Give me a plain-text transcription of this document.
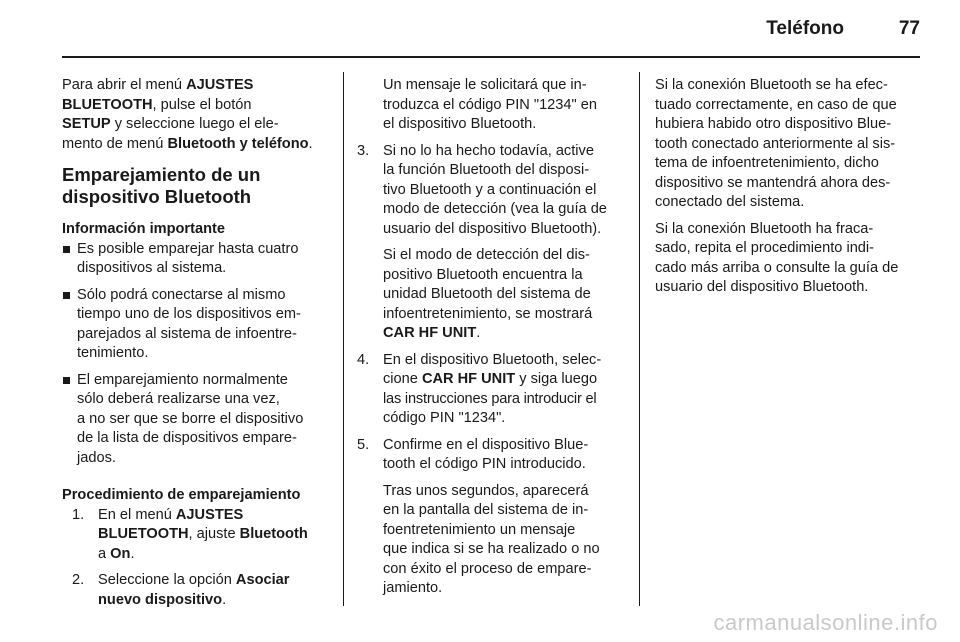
Teléfono	77

Para abrir el menú AJUSTES
BLUETOOTH, pulse el botón
SETUP y seleccione luego el ele-
mento de menú Bluetooth y teléfono.

Emparejamiento de un
dispositivo Bluetooth
Información importante
Es posible emparejar hasta cuatro
dispositivos al sistema.
Sólo podrá conectarse al mismo
tiempo uno de los dispositivos em-
parejados al sistema de infoentre-
tenimiento.
El emparejamiento normalmente
sólo deberá realizarse una vez,
a no ser que se borre el dispositivo
de la lista de dispositivos empare-
jados.
Procedimiento de emparejamiento
1. En el menú AJUSTES
BLUETOOTH, ajuste Bluetooth
a On.
2. Seleccione la opción Asociar
nuevo dispositivo.

Un mensaje le solicitará que in-
troduzca el código PIN "1234" en
el dispositivo Bluetooth.

3. Si no lo ha hecho todavía, active
la función Bluetooth del disposi-
tivo Bluetooth y a continuación el
modo de detección (vea la guía de
usuario del dispositivo Bluetooth).

Si el modo de detección del dis-
positivo Bluetooth encuentra la
unidad Bluetooth del sistema de
infoentretenimiento, se mostrará
CAR HF UNIT.

4. En el dispositivo Bluetooth, selec-
cione CAR HF UNIT y siga luego
las instrucciones para introducir el
código PIN "1234".
5. Confirme en el dispositivo Blue-
tooth el código PIN introducido.

Tras unos segundos, aparecerá
en la pantalla del sistema de in-
foentretenimiento un mensaje
que indica si se ha realizado o no
con éxito el proceso de empare-
jamiento.

Si la conexión Bluetooth se ha efec-
tuado correctamente, en caso de que
hubiera habido otro dispositivo Blue-
tooth conectado anteriormente al sis-
tema de infoentretenimiento, dicho
dispositivo se mantendrá ahora des-
conectado del sistema.

Si la conexión Bluetooth ha fraca-
sado, repita el procedimiento indi-
cado más arriba o consulte la guía de
usuario del dispositivo Bluetooth.

carmanualsonline.info
